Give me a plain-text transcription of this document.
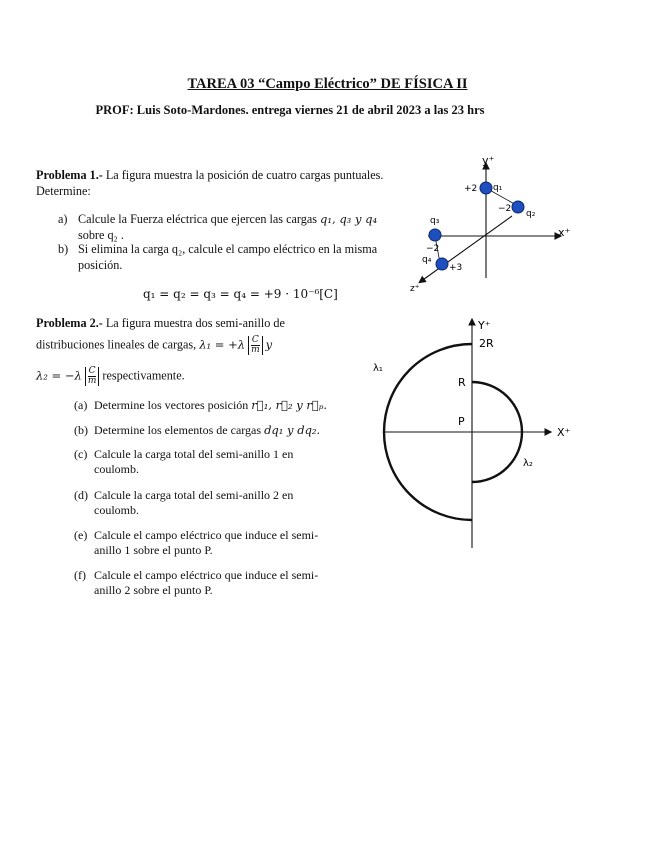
TAREA 03 “Campo Eléctrico” DE FÍSICA II
PROF: Luis Soto-Mardones. entrega viernes 21 de abril 2023 a las 23 hrs
Problema 1.- La figura muestra la posición de cuatro cargas puntuales.
Determine:
a) Calcule la Fuerza eléctrica que ejercen las cargas q₁, q₃ y q₄
sobre q₂ .
b) Si elimina la carga q₂, calcule el campo eléctrico en la misma
posición.
q₁ = q₂ = q₃ = q₄ = +9 · 10⁻⁶[C]
y⁺
x⁺
z⁺
+2 q₁
−2 q₂
q₃
−2
q₄
+3
Problema 2.- La figura muestra dos semi-anillo de
distribuciones lineales de cargas, $\lambda_1 = +\lambda \frac{C}{m}$ y
$\lambda_2 = -\lambda \frac{C}{m}$ respectivamente.
(a) Determine los vectores posición r⃗₁, r⃗₂ y r⃗ₚ.
(b) Determine los elementos de cargas dq₁ y dq₂.
(c) Calcule la carga total del semi-anillo 1 en
coulomb.
(d) Calcule la carga total del semi-anillo 2 en
coulomb.
(e) Calcule el campo eléctrico que induce el semi-
anillo 1 sobre el punto P.
(f) Calcule el campo eléctrico que induce el semi-
anillo 2 sobre el punto P.
Y⁺
X⁺
2R
R
P
λ₁
λ₂
